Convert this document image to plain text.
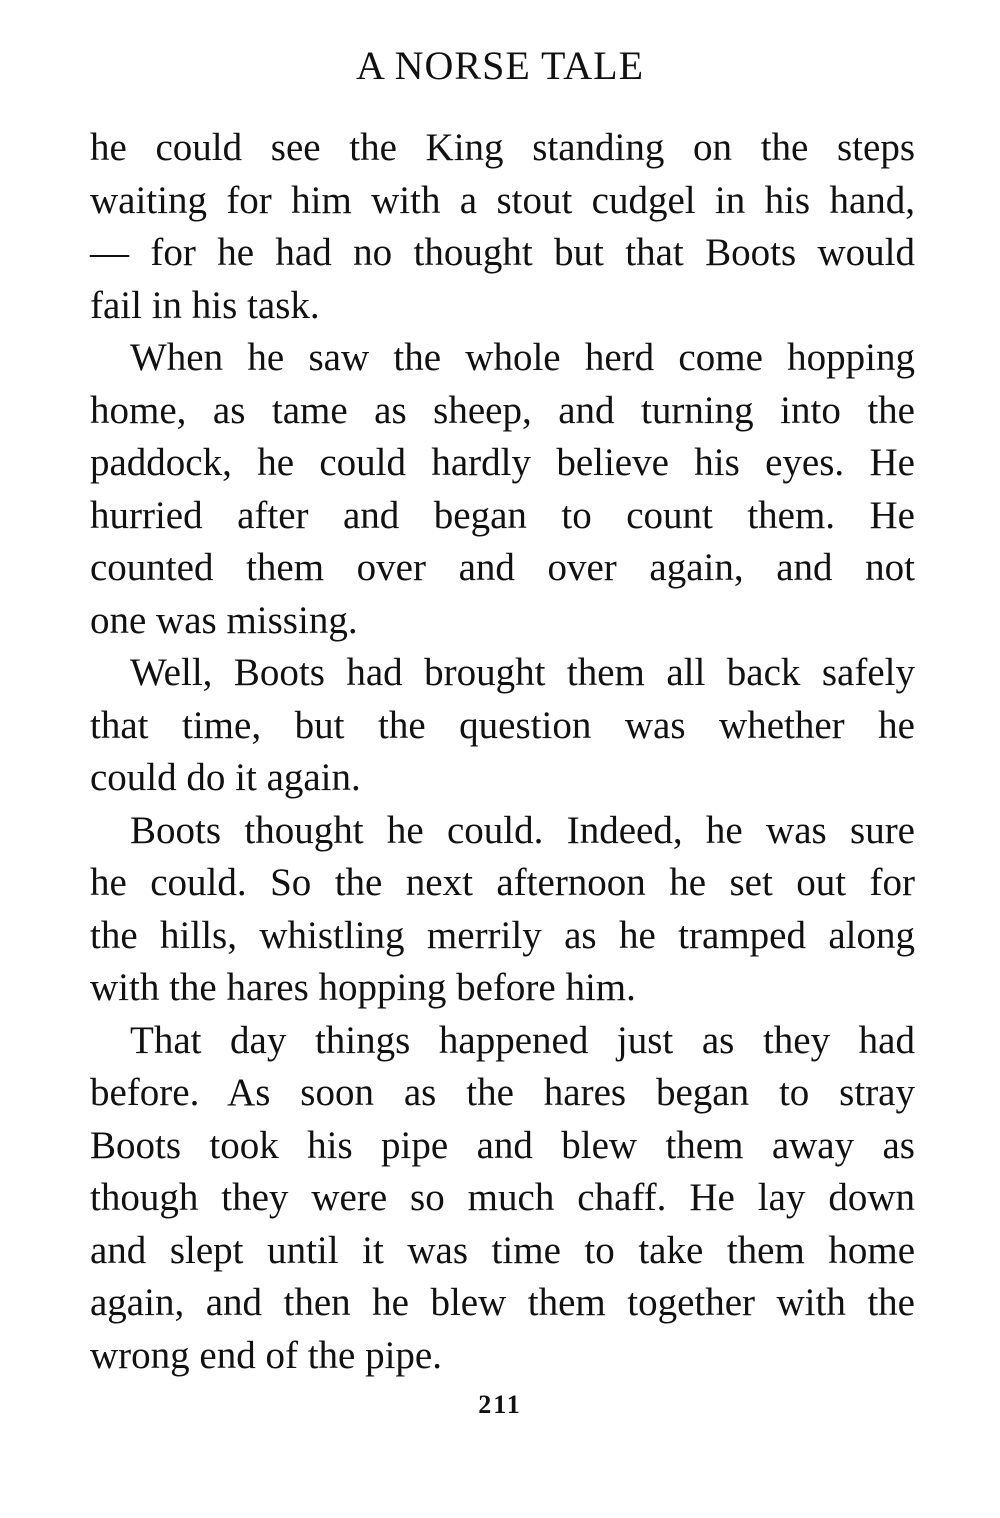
A NORSE TALE
he could see the King standing on the steps
waiting for him with a stout cudgel in his hand,
— for he had no thought but that Boots would
fail in his task.
When he saw the whole herd come hopping
home, as tame as sheep, and turning into the
paddock, he could hardly believe his eyes. He
hurried after and began to count them. He
counted them over and over again, and not
one was missing.
Well, Boots had brought them all back safely
that time, but the question was whether he
could do it again.
Boots thought he could. Indeed, he was sure
he could. So the next afternoon he set out for
the hills, whistling merrily as he tramped along
with the hares hopping before him.
That day things happened just as they had
before. As soon as the hares began to stray
Boots took his pipe and blew them away as
though they were so much chaff. He lay down
and slept until it was time to take them home
again, and then he blew them together with the
wrong end of the pipe.
211
